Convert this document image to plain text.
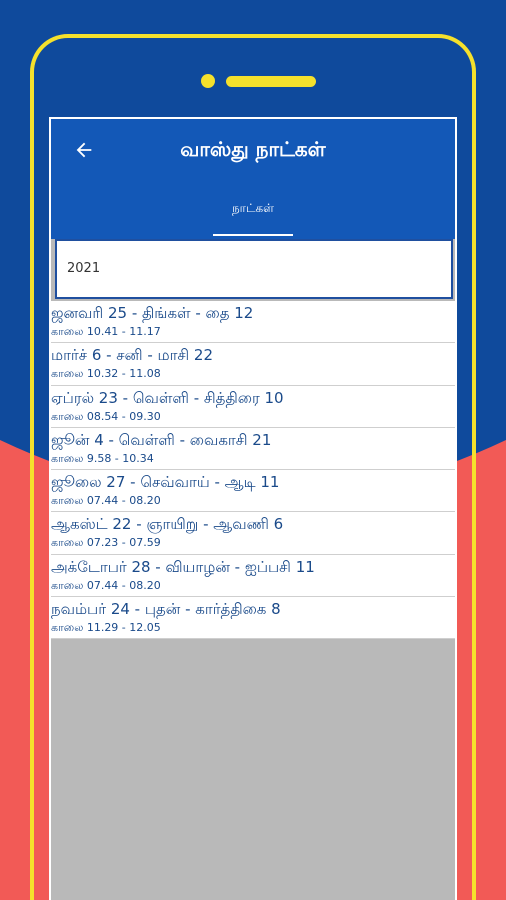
வாஸ்து நாட்கள்
நாட்கள்
2021
ஜனவரி 25 - திங்கள் - தை 12
காலை 10.41 - 11.17
மார்ச் 6 - சனி - மாசி 22
காலை 10.32 - 11.08
ஏப்ரல் 23 - வெள்ளி - சித்திரை 10
காலை 08.54 - 09.30
ஜூன் 4 - வெள்ளி - வைகாசி 21
காலை 9.58 - 10.34
ஜூலை 27 - செவ்வாய் - ஆடி 11
காலை 07.44 - 08.20
ஆகஸ்ட் 22 - ஞாயிறு - ஆவணி 6
காலை 07.23 - 07.59
அக்டோபர் 28 - வியாழன் - ஐப்பசி 11
காலை 07.44 - 08.20
நவம்பர் 24 - புதன் - கார்த்திகை 8
காலை 11.29 - 12.05
